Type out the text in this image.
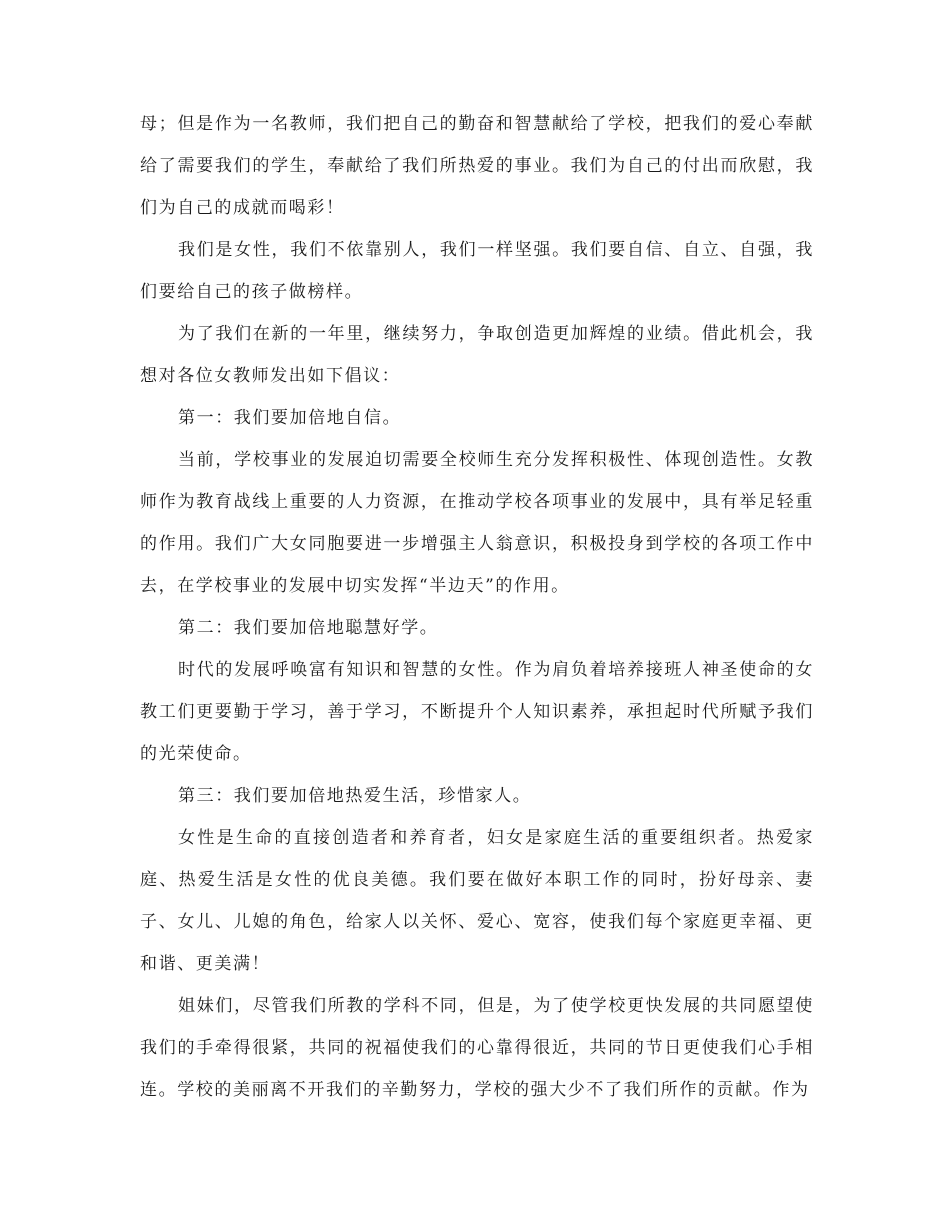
母；但是作为一名教师，我们把自己的勤奋和智慧献给了学校，把我们的爱心奉献给了需要我们的学生，奉献给了我们所热爱的事业。我们为自己的付出而欣慰，我们为自己的成就而喝彩！

我们是女性，我们不依靠别人，我们一样坚强。我们要自信、自立、自强，我们要给自己的孩子做榜样。

为了我们在新的一年里，继续努力，争取创造更加辉煌的业绩。借此机会，我想对各位女教师发出如下倡议：

第一：我们要加倍地自信。

当前，学校事业的发展迫切需要全校师生充分发挥积极性、体现创造性。女教师作为教育战线上重要的人力资源，在推动学校各项事业的发展中，具有举足轻重的作用。我们广大女同胞要进一步增强主人翁意识，积极投身到学校的各项工作中去，在学校事业的发展中切实发挥“半边天”的作用。

第二：我们要加倍地聪慧好学。

时代的发展呼唤富有知识和智慧的女性。作为肩负着培养接班人神圣使命的女教工们更要勤于学习，善于学习，不断提升个人知识素养，承担起时代所赋予我们的光荣使命。

第三：我们要加倍地热爱生活，珍惜家人。

女性是生命的直接创造者和养育者，妇女是家庭生活的重要组织者。热爱家庭、热爱生活是女性的优良美德。我们要在做好本职工作的同时，扮好母亲、妻子、女儿、儿媳的角色，给家人以关怀、爱心、宽容，使我们每个家庭更幸福、更和谐、更美满！

姐妹们，尽管我们所教的学科不同，但是，为了使学校更快发展的共同愿望使我们的手牵得很紧，共同的祝福使我们的心靠得很近，共同的节日更使我们心手相连。学校的美丽离不开我们的辛勤努力，学校的强大少不了我们所作的贡献。作为
